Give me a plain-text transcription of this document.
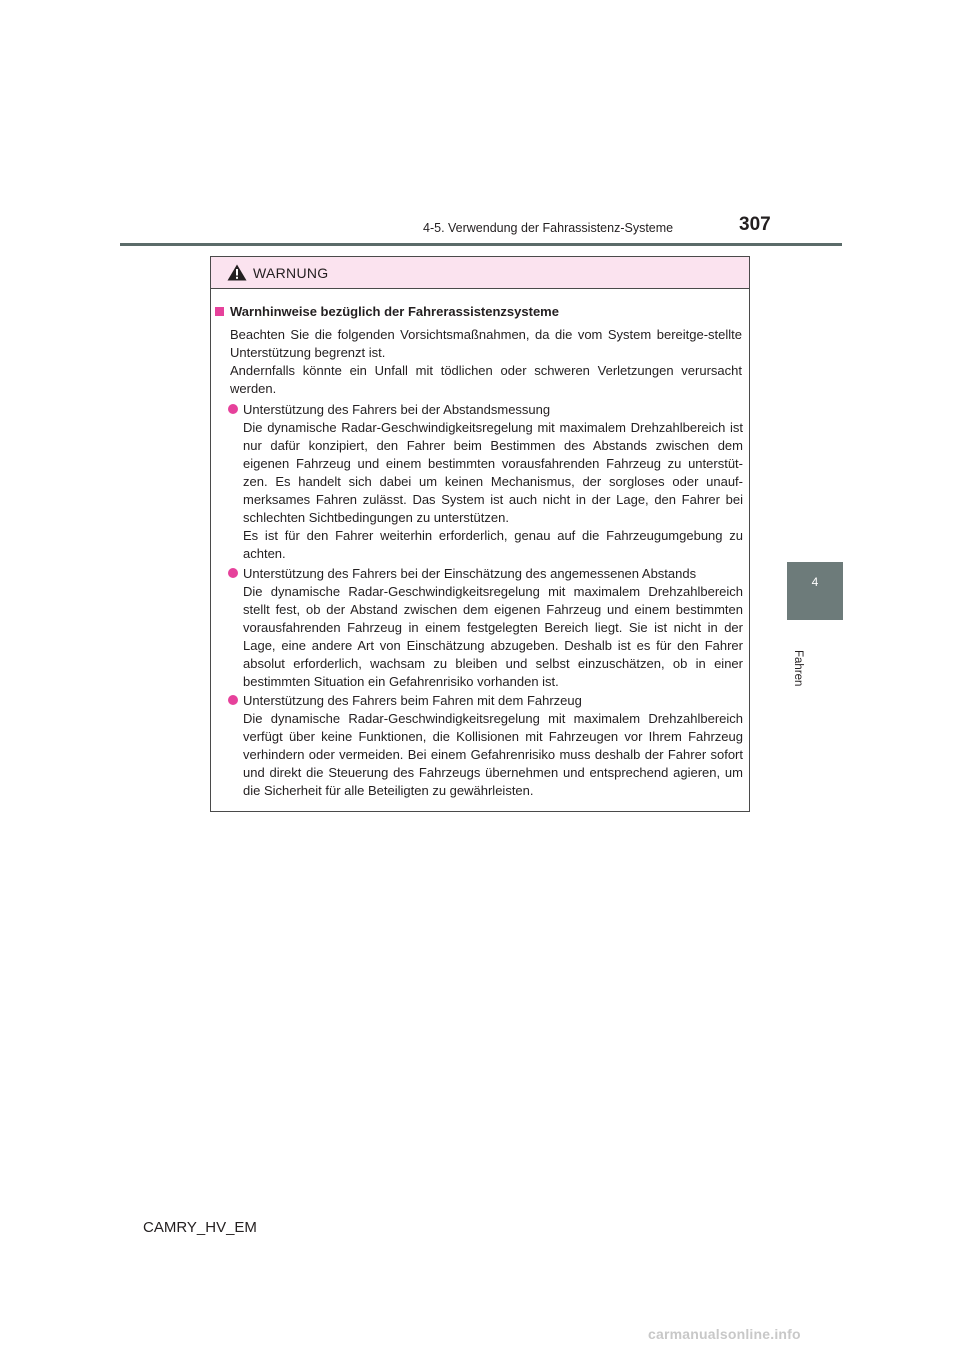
4-5. Verwendung der Fahrassistenz-Systeme	307
4
Fahren
WARNUNG
Warnhinweise bezüglich der Fahrerassistenzsysteme
Beachten Sie die folgenden Vorsichtsmaßnahmen, da die vom System bereitge-stellte Unterstützung begrenzt ist.
Andernfalls könnte ein Unfall mit tödlichen oder schweren Verletzungen verursacht werden.
Unterstützung des Fahrers bei der Abstandsmessung
Die dynamische Radar-Geschwindigkeitsregelung mit maximalem Drehzahlbereich ist nur dafür konzipiert, den Fahrer beim Bestimmen des Abstands zwischen dem eigenen Fahrzeug und einem bestimmten vorausfahrenden Fahrzeug zu unterstüt-zen. Es handelt sich dabei um keinen Mechanismus, der sorgloses oder unauf-merksames Fahren zulässt. Das System ist auch nicht in der Lage, den Fahrer bei schlechten Sichtbedingungen zu unterstützen.
Es ist für den Fahrer weiterhin erforderlich, genau auf die Fahrzeugumgebung zu achten.
Unterstützung des Fahrers bei der Einschätzung des angemessenen Abstands
Die dynamische Radar-Geschwindigkeitsregelung mit maximalem Drehzahlbereich stellt fest, ob der Abstand zwischen dem eigenen Fahrzeug und einem bestimmten vorausfahrenden Fahrzeug in einem festgelegten Bereich liegt. Sie ist nicht in der Lage, eine andere Art von Einschätzung abzugeben. Deshalb ist es für den Fahrer absolut erforderlich, wachsam zu bleiben und selbst einzuschätzen, ob in einer bestimmten Situation ein Gefahrenrisiko vorhanden ist.
Unterstützung des Fahrers beim Fahren mit dem Fahrzeug
Die dynamische Radar-Geschwindigkeitsregelung mit maximalem Drehzahlbereich verfügt über keine Funktionen, die Kollisionen mit Fahrzeugen vor Ihrem Fahrzeug verhindern oder vermeiden. Bei einem Gefahrenrisiko muss deshalb der Fahrer sofort und direkt die Steuerung des Fahrzeugs übernehmen und entsprechend agieren, um die Sicherheit für alle Beteiligten zu gewährleisten.
CAMRY_HV_EM
carmanualsonline.info
